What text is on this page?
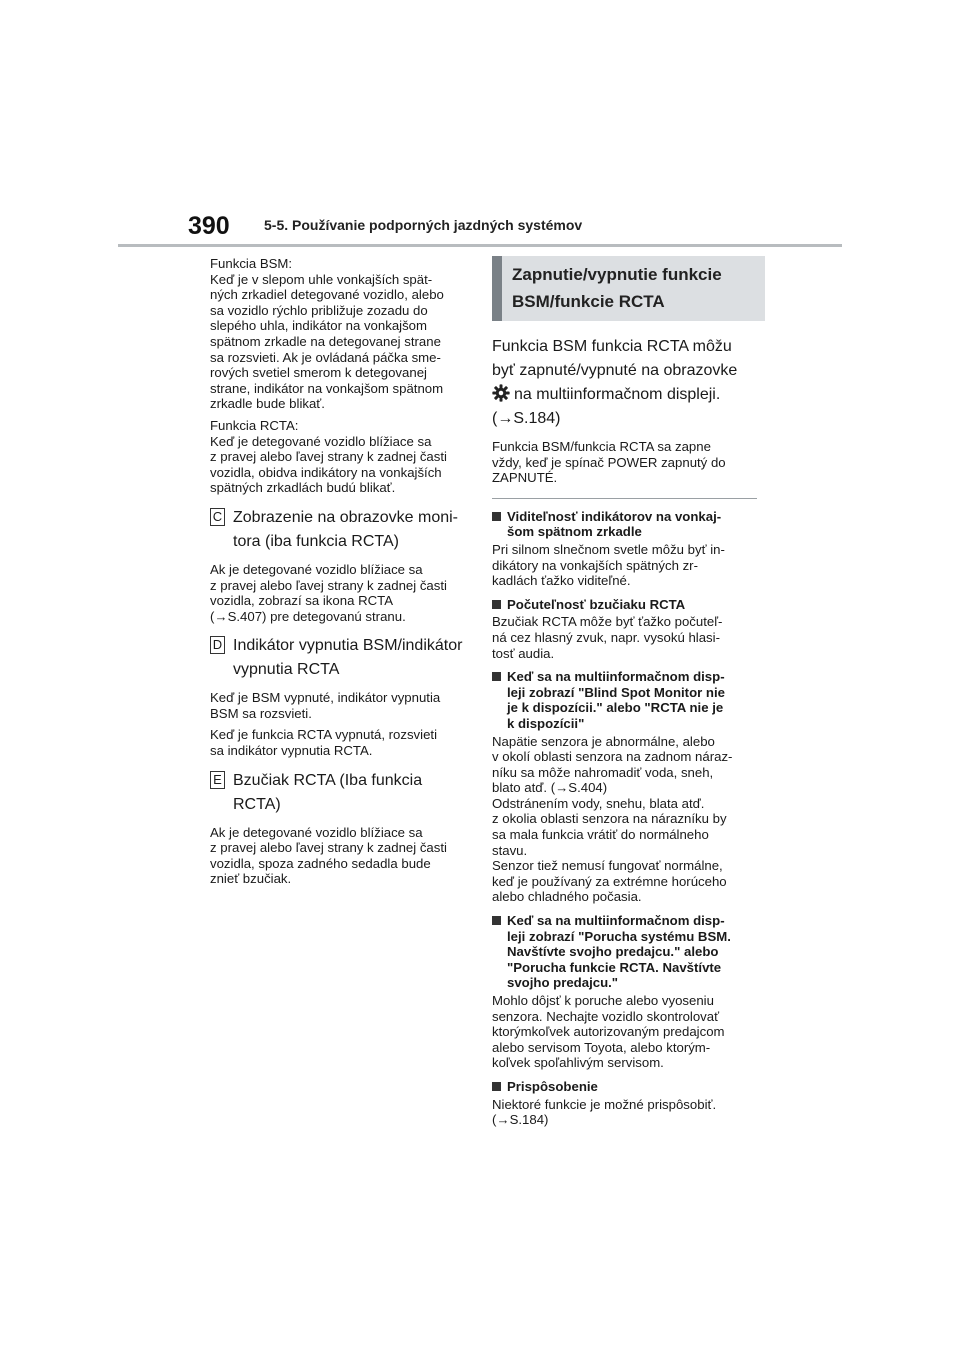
390 5-5. Používanie podporných jazdných systémov

Funkcia BSM:
Keď je v slepom uhle vonkajších spät-
ných zrkadiel detegované vozidlo, alebo
sa vozidlo rýchlo približuje zozadu do
slepého uhla, indikátor na vonkajšom
spätnom zrkadle na detegovanej strane
sa rozsvieti. Ak je ovládaná páčka sme-
rových svetiel smerom k detegovanej
strane, indikátor na vonkajšom spätnom
zrkadle bude blikať.

Funkcia RCTA:
Keď je detegované vozidlo blížiace sa
z pravej alebo ľavej strany k zadnej časti
vozidla, obidva indikátory na vonkajších
spätných zrkadlách budú blikať.

C Zobrazenie na obrazovke moni-
tora (iba funkcia RCTA)

Ak je detegované vozidlo blížiace sa
z pravej alebo ľavej strany k zadnej časti
vozidla, zobrazí sa ikona RCTA
(→S.407) pre detegovanú stranu.

D Indikátor vypnutia BSM/indikátor
vypnutia RCTA

Keď je BSM vypnuté, indikátor vypnutia
BSM sa rozsvieti.

Keď je funkcia RCTA vypnutá, rozsvieti
sa indikátor vypnutia RCTA.

E Bzučiak RCTA (Iba funkcia
RCTA)

Ak je detegované vozidlo blížiace sa
z pravej alebo ľavej strany k zadnej časti
vozidla, spoza zadného sedadla bude
znieť bzučiak.

Zapnutie/vypnutie funkcie
BSM/funkcie RCTA
Funkcia BSM funkcia RCTA môžu
byť zapnuté/vypnuté na obrazovke
na multiinformačnom displeji.
(→S.184)

Funkcia BSM/funkcia RCTA sa zapne
vždy, keď je spínač POWER zapnutý do
ZAPNUTÉ.

Viditeľnosť indikátorov na vonkaj-
šom spätnom zrkadle

Pri silnom slnečnom svetle môžu byť in-
dikátory na vonkajších spätných zr-
kadlách ťažko viditeľné.

Počuteľnosť bzučiaku RCTA

Bzučiak RCTA môže byť ťažko počuteľ-
ná cez hlasný zvuk, napr. vysokú hlasi-
tosť audia.

Keď sa na multiinformačnom disp-
leji zobrazí "Blind Spot Monitor nie
je k dispozícii." alebo "RCTA nie je
k dispozícii"

Napätie senzora je abnormálne, alebo
v okolí oblasti senzora na zadnom náraz-
níku sa môže nahromadiť voda, sneh,
blato atď. (→S.404)
Odstránením vody, snehu, blata atď.
z okolia oblasti senzora na nárazníku by
sa mala funkcia vrátiť do normálneho
stavu.
Senzor tiež nemusí fungovať normálne,
keď je používaný za extrémne horúceho
alebo chladného počasia.

Keď sa na multiinformačnom disp-
leji zobrazí "Porucha systému BSM.
Navštívte svojho predajcu." alebo
"Porucha funkcie RCTA. Navštívte
svojho predajcu."

Mohlo dôjsť k poruche alebo vyoseniu
senzora. Nechajte vozidlo skontrolovať
ktorýmkoľvek autorizovaným predajcom
alebo servisom Toyota, alebo ktorým-
koľvek spoľahlivým servisom.

Prispôsobenie

Niektoré funkcie je možné prispôsobiť.
(→S.184)
